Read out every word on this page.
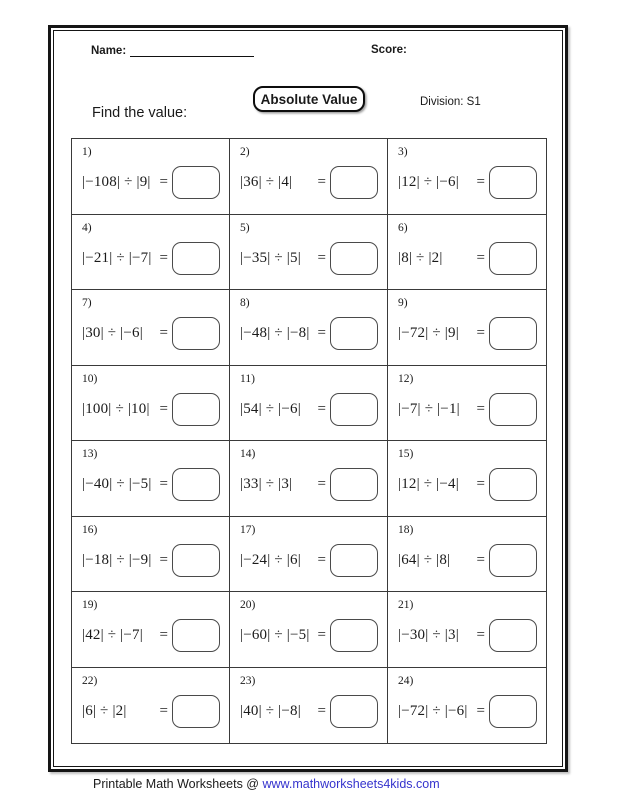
Name:	Score:
Absolute Value	Division: S1
Find the value:
1)
|−108| ÷ |9| =
2)
|36| ÷ |4| =
3)
|12| ÷ |−6| =
4)
|−21| ÷ |−7| =
5)
|−35| ÷ |5| =
6)
|8| ÷ |2| =
7)
|30| ÷ |−6| =
8)
|−48| ÷ |−8| =
9)
|−72| ÷ |9| =
10)
|100| ÷ |10| =
11)
|54| ÷ |−6| =
12)
|−7| ÷ |−1| =
13)
|−40| ÷ |−5| =
14)
|33| ÷ |3| =
15)
|12| ÷ |−4| =
16)
|−18| ÷ |−9| =
17)
|−24| ÷ |6| =
18)
|64| ÷ |8| =
19)
|42| ÷ |−7| =
20)
|−60| ÷ |−5| =
21)
|−30| ÷ |3| =
22)
|6| ÷ |2| =
23)
|40| ÷ |−8| =
24)
|−72| ÷ |−6| =
Printable Math Worksheets @ www.mathworksheets4kids.com
